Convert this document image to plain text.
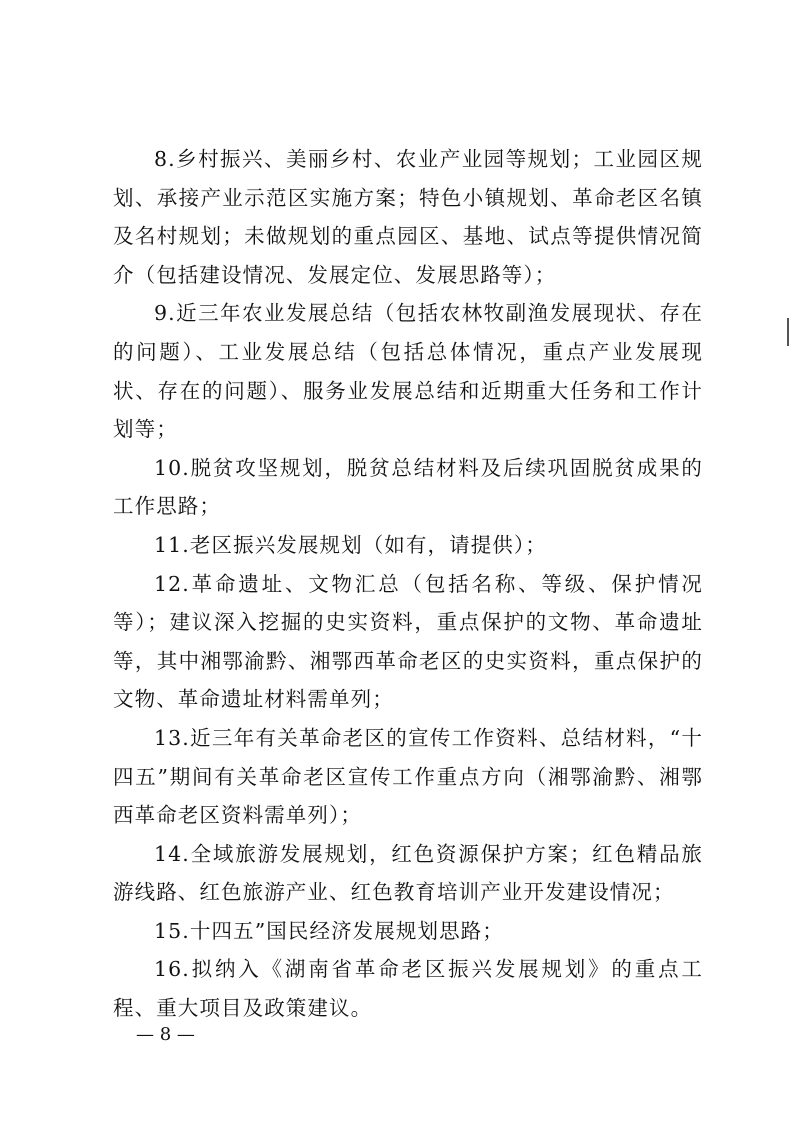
8.乡村振兴、美丽乡村、农业产业园等规划；工业园区规划、承接产业示范区实施方案；特色小镇规划、革命老区名镇及名村规划；未做规划的重点园区、基地、试点等提供情况简介（包括建设情况、发展定位、发展思路等）；

9.近三年农业发展总结（包括农林牧副渔发展现状、存在的问题）、工业发展总结（包括总体情况，重点产业发展现状、存在的问题）、服务业发展总结和近期重大任务和工作计划等；

10.脱贫攻坚规划，脱贫总结材料及后续巩固脱贫成果的工作思路；

11.老区振兴发展规划（如有，请提供）；

12.革命遗址、文物汇总（包括名称、等级、保护情况等）；建议深入挖掘的史实资料，重点保护的文物、革命遗址等，其中湘鄂渝黔、湘鄂西革命老区的史实资料，重点保护的文物、革命遗址材料需单列；

13.近三年有关革命老区的宣传工作资料、总结材料，“十四五”期间有关革命老区宣传工作重点方向（湘鄂渝黔、湘鄂西革命老区资料需单列）；

14.全域旅游发展规划，红色资源保护方案；红色精品旅游线路、红色旅游产业、红色教育培训产业开发建设情况；

15.十四五”国民经济发展规划思路；

16.拟纳入《湖南省革命老区振兴发展规划》的重点工程、重大项目及政策建议。

— 8 —
